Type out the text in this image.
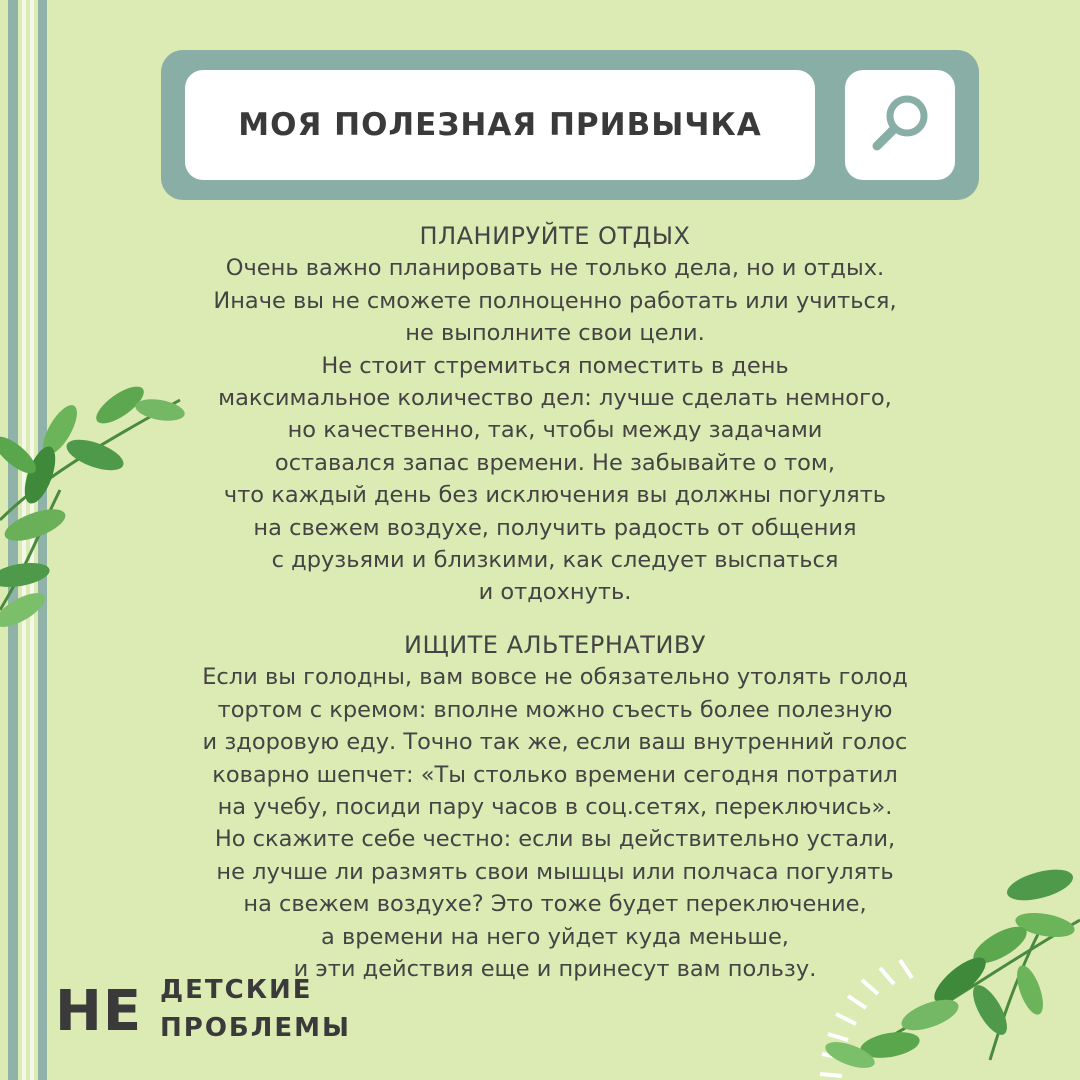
МОЯ ПОЛЕЗНАЯ ПРИВЫЧКА
ПЛАНИРУЙТЕ ОТДЫХ
Очень важно планировать не только дела, но и отдых.
Иначе вы не сможете полноценно работать или учиться,
не выполните свои цели.
Не стоит стремиться поместить в день
максимальное количество дел: лучше сделать немного,
но качественно, так, чтобы между задачами
оставался запас времени. Не забывайте о том,
что каждый день без исключения вы должны погулять
на свежем воздухе, получить радость от общения
с друзьями и близкими, как следует выспаться
и отдохнуть.
ИЩИТЕ АЛЬТЕРНАТИВУ
Если вы голодны, вам вовсе не обязательно утолять голод
тортом с кремом: вполне можно съесть более полезную
и здоровую еду. Точно так же, если ваш внутренний голос
коварно шепчет: «Ты столько времени сегодня потратил
на учебу, посиди пару часов в соц.сетях, переключись».
Но скажите себе честно: если вы действительно устали,
не лучше ли размять свои мышцы или полчаса погулять
на свежем воздухе? Это тоже будет переключение,
а времени на него уйдет куда меньше,
и эти действия еще и принесут вам пользу.
НЕ ДЕТСКИЕ
ПРОБЛЕМЫ
